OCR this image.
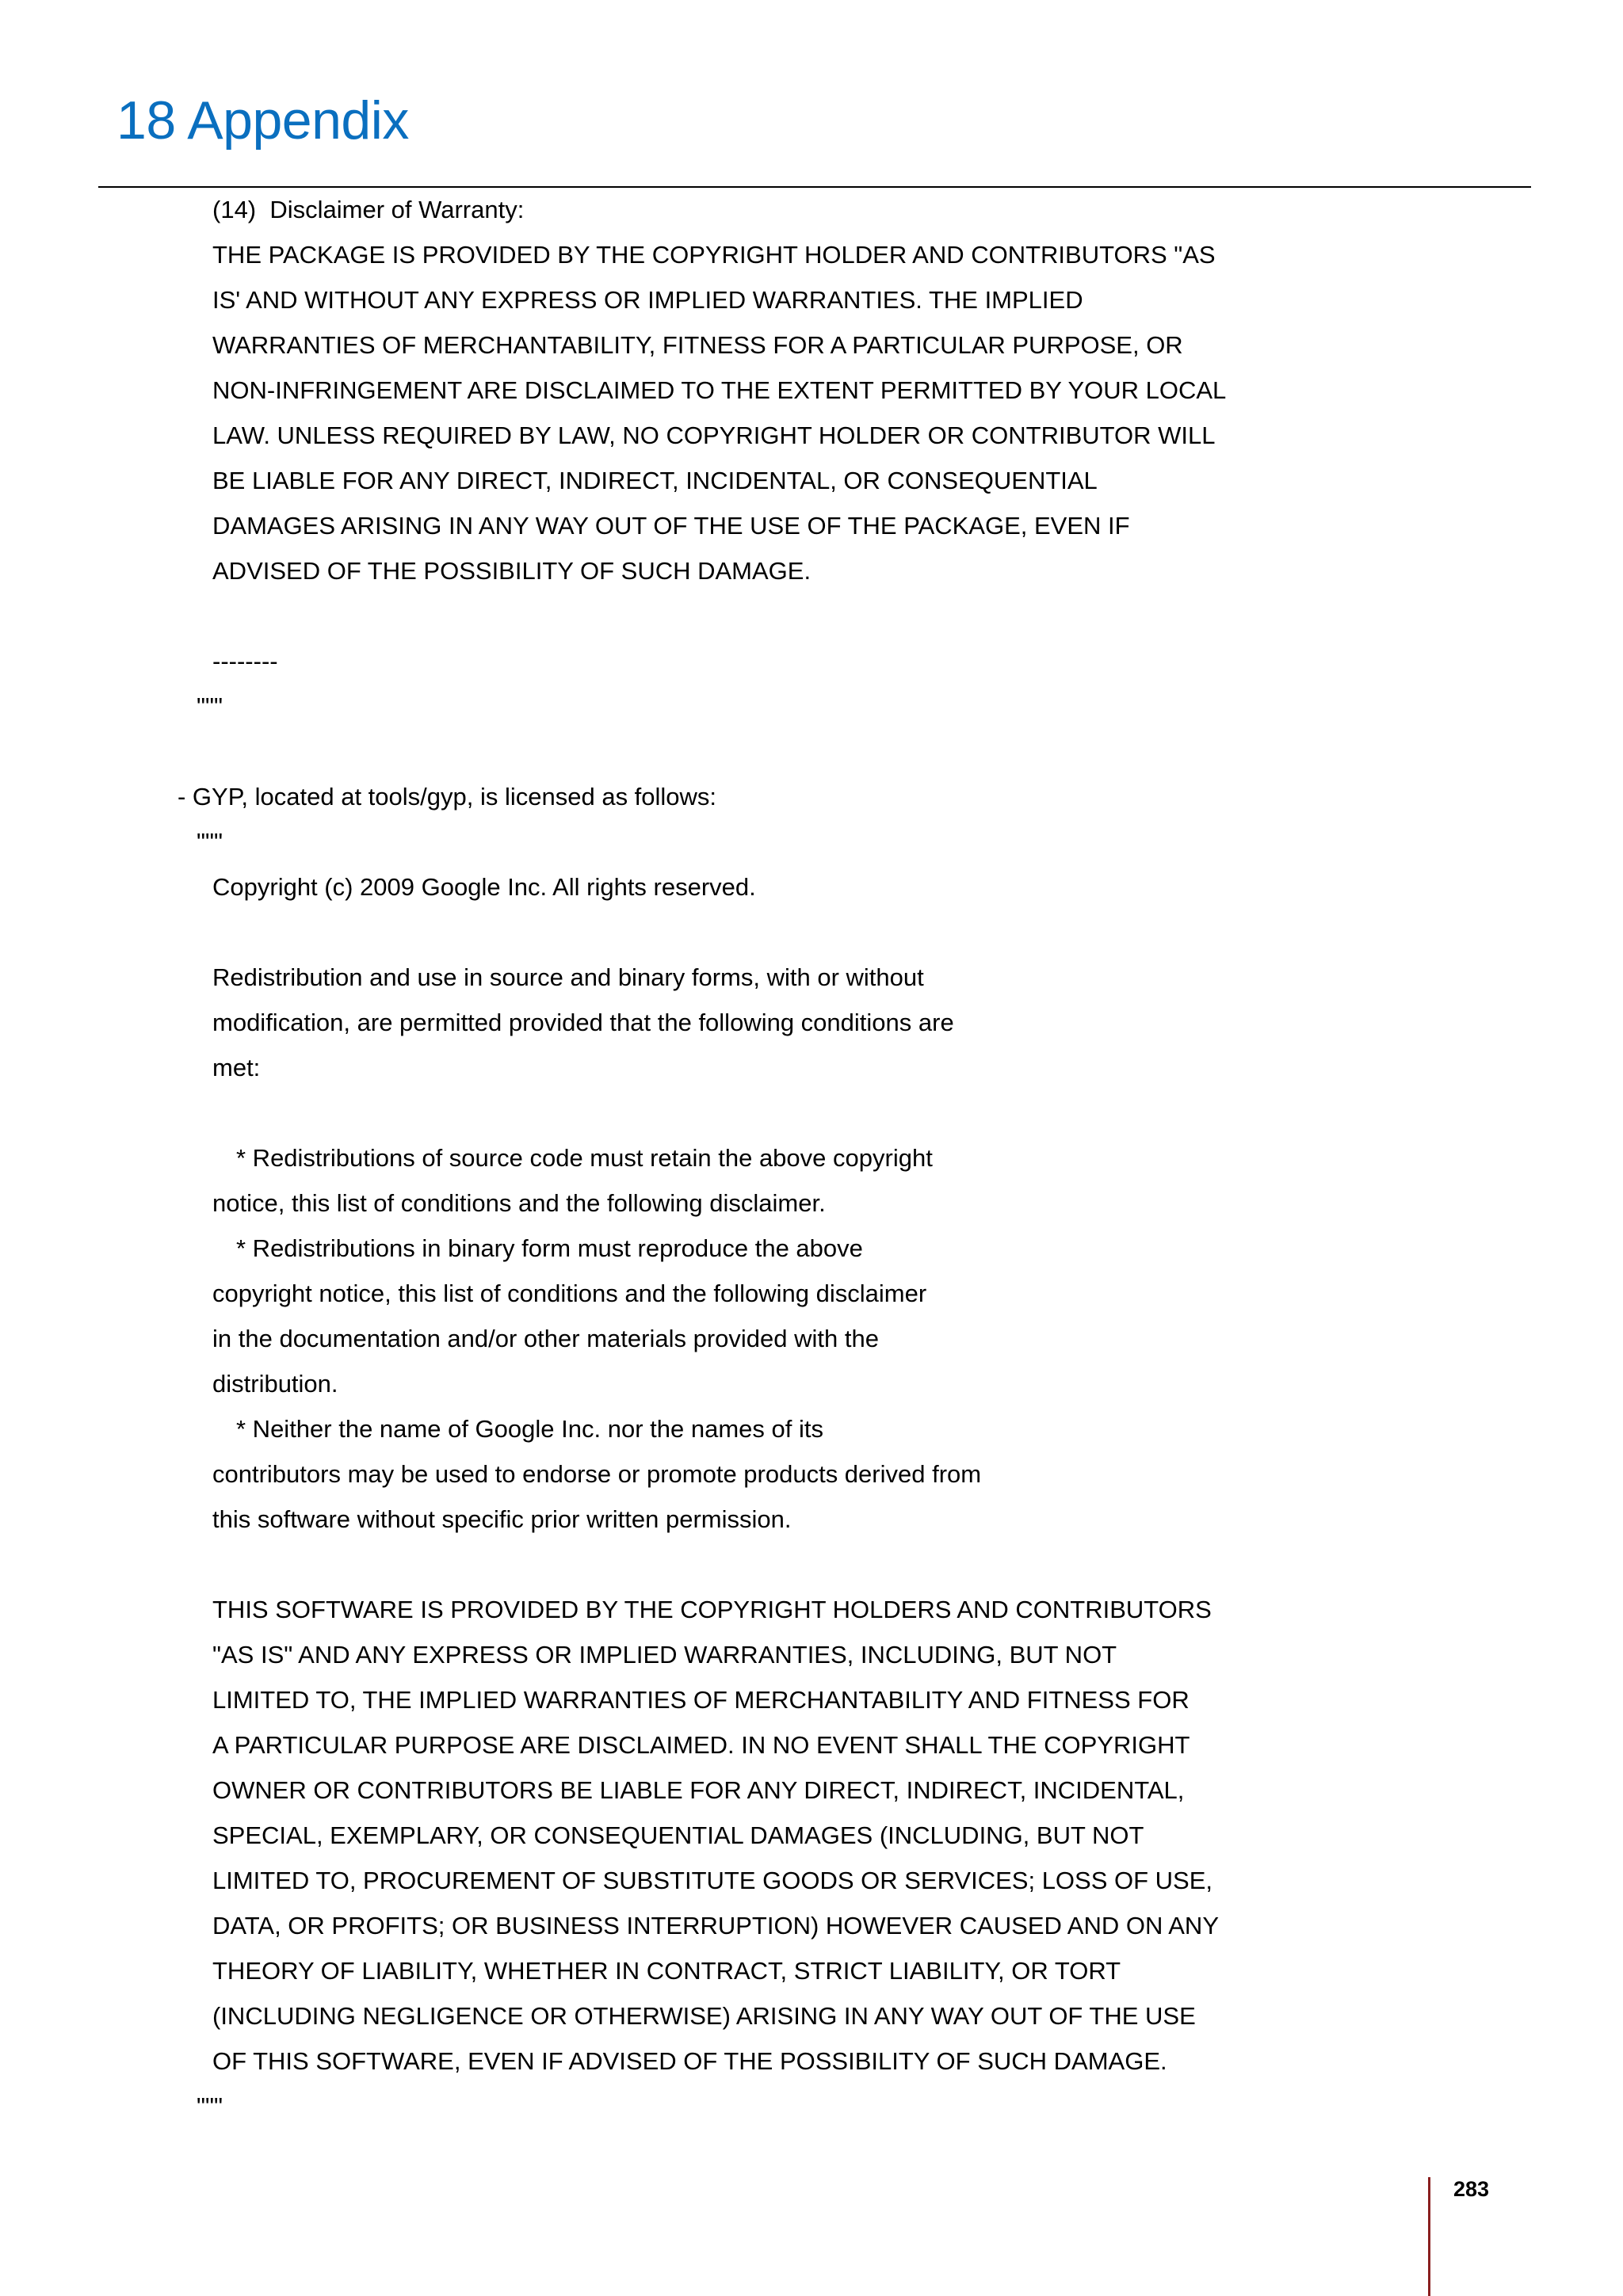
18 Appendix
(14)  Disclaimer of Warranty:
THE PACKAGE IS PROVIDED BY THE COPYRIGHT HOLDER AND CONTRIBUTORS "AS
IS' AND WITHOUT ANY EXPRESS OR IMPLIED WARRANTIES. THE IMPLIED
WARRANTIES OF MERCHANTABILITY, FITNESS FOR A PARTICULAR PURPOSE, OR
NON-INFRINGEMENT ARE DISCLAIMED TO THE EXTENT PERMITTED BY YOUR LOCAL
LAW. UNLESS REQUIRED BY LAW, NO COPYRIGHT HOLDER OR CONTRIBUTOR WILL
BE LIABLE FOR ANY DIRECT, INDIRECT, INCIDENTAL, OR CONSEQUENTIAL
DAMAGES ARISING IN ANY WAY OUT OF THE USE OF THE PACKAGE, EVEN IF
ADVISED OF THE POSSIBILITY OF SUCH DAMAGE.
--------
"""
- GYP, located at tools/gyp, is licensed as follows:
"""
Copyright (c) 2009 Google Inc. All rights reserved.
Redistribution and use in source and binary forms, with or without
modification, are permitted provided that the following conditions are
met:
* Redistributions of source code must retain the above copyright
notice, this list of conditions and the following disclaimer.
* Redistributions in binary form must reproduce the above
copyright notice, this list of conditions and the following disclaimer
in the documentation and/or other materials provided with the
distribution.
* Neither the name of Google Inc. nor the names of its
contributors may be used to endorse or promote products derived from
this software without specific prior written permission.
THIS SOFTWARE IS PROVIDED BY THE COPYRIGHT HOLDERS AND CONTRIBUTORS
"AS IS" AND ANY EXPRESS OR IMPLIED WARRANTIES, INCLUDING, BUT NOT
LIMITED TO, THE IMPLIED WARRANTIES OF MERCHANTABILITY AND FITNESS FOR
A PARTICULAR PURPOSE ARE DISCLAIMED. IN NO EVENT SHALL THE COPYRIGHT
OWNER OR CONTRIBUTORS BE LIABLE FOR ANY DIRECT, INDIRECT, INCIDENTAL,
SPECIAL, EXEMPLARY, OR CONSEQUENTIAL DAMAGES (INCLUDING, BUT NOT
LIMITED TO, PROCUREMENT OF SUBSTITUTE GOODS OR SERVICES; LOSS OF USE,
DATA, OR PROFITS; OR BUSINESS INTERRUPTION) HOWEVER CAUSED AND ON ANY
THEORY OF LIABILITY, WHETHER IN CONTRACT, STRICT LIABILITY, OR TORT
(INCLUDING NEGLIGENCE OR OTHERWISE) ARISING IN ANY WAY OUT OF THE USE
OF THIS SOFTWARE, EVEN IF ADVISED OF THE POSSIBILITY OF SUCH DAMAGE.
"""

283
